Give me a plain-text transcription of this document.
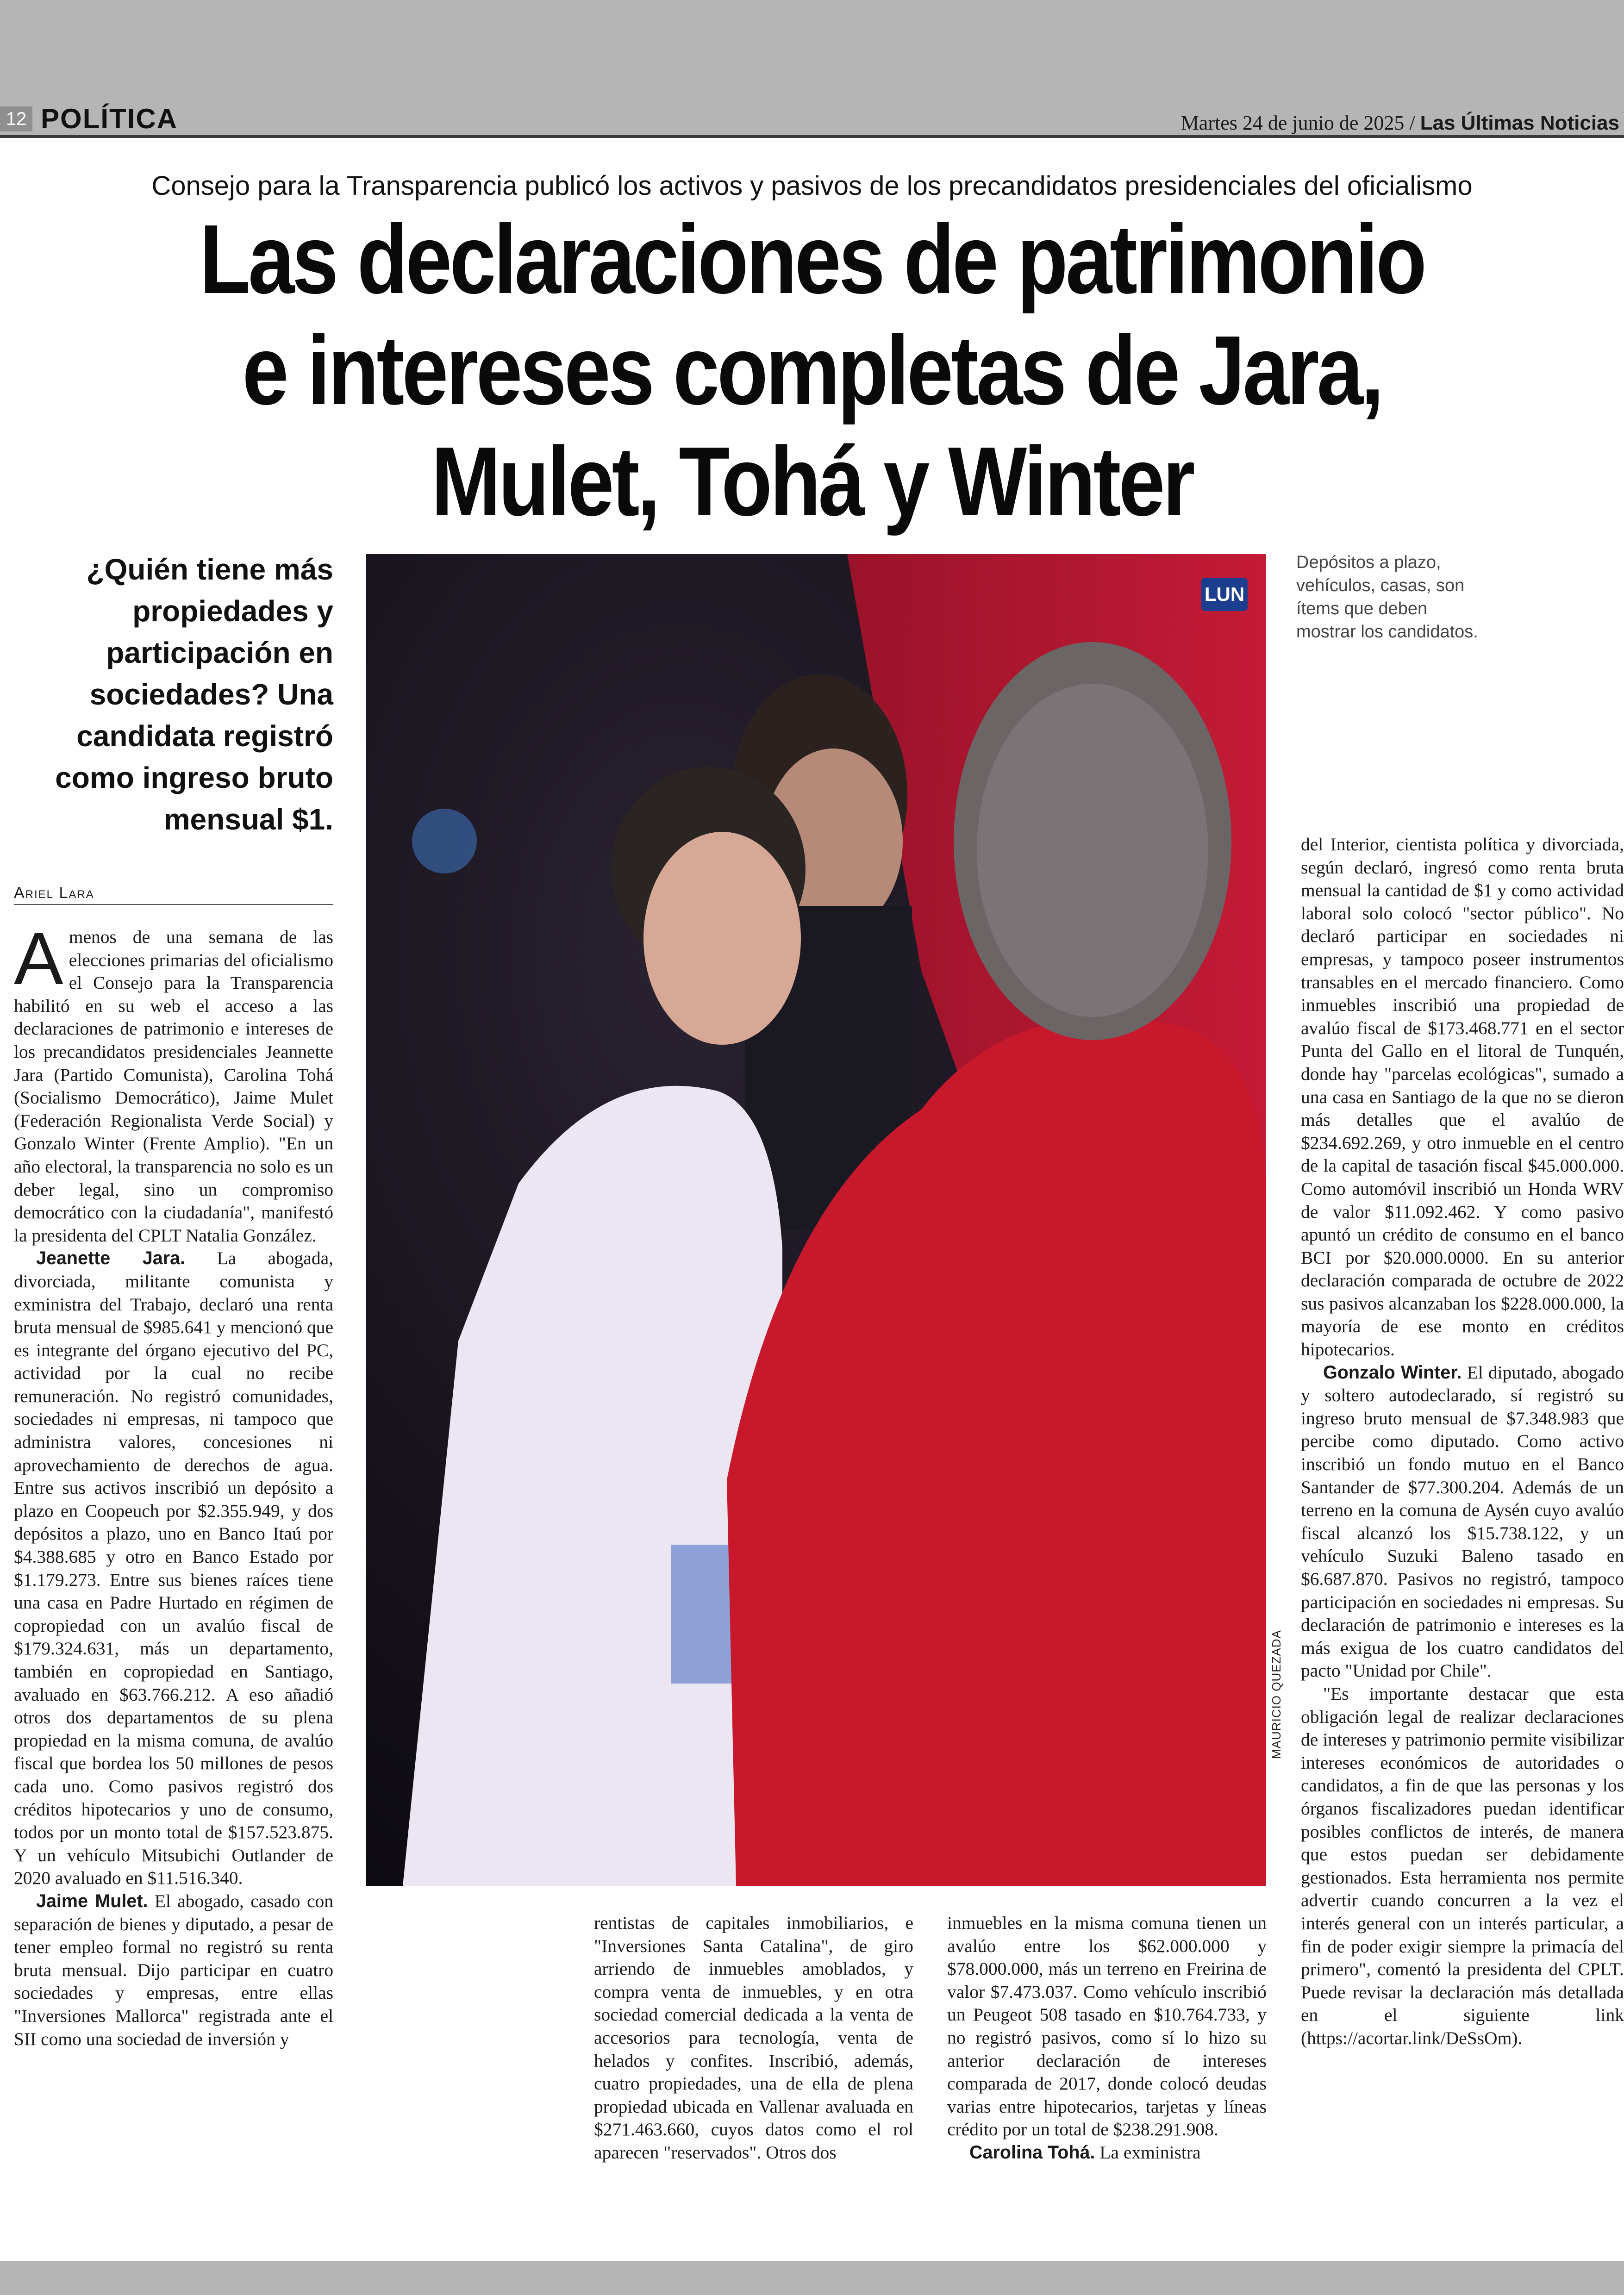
12 POLÍTICA	Martes 24 de junio de 2025 / Las Últimas Noticias
Consejo para la Transparencia publicó los activos y pasivos de los precandidatos presidenciales del oficialismo
Las declaraciones de patrimonio
e intereses completas de Jara,
Mulet, Tohá y Winter
¿Quién tiene más propiedades y participación en sociedades? Una candidata registró como ingreso bruto mensual $1.
Ariel Lara

Amenos de una semana de las elecciones primarias del oficialismo el Consejo para la Transparencia habilitó en su web el acceso a las declaraciones de patrimonio e intereses de los precandidatos presidenciales Jeannette Jara (Partido Comunista), Carolina Tohá (Socialismo Democrático), Jaime Mulet (Federación Regionalista Verde Social) y Gonzalo Winter (Frente Amplio). "En un año electoral, la transparencia no solo es un deber legal, sino un compromiso democrático con la ciudadanía", manifestó la presidenta del CPLT Natalia González.

Jeanette Jara. La abogada, divorciada, militante comunista y exministra del Trabajo, declaró una renta bruta mensual de $985.641 y mencionó que es integrante del órgano ejecutivo del PC, actividad por la cual no recibe remuneración. No registró comunidades, sociedades ni empresas, ni tampoco que administra valores, concesiones ni aprovechamiento de derechos de agua. Entre sus activos inscribió un depósito a plazo en Coopeuch por $2.355.949, y dos depósitos a plazo, uno en Banco Itaú por $4.388.685 y otro en Banco Estado por $1.179.273. Entre sus bienes raíces tiene una casa en Padre Hurtado en régimen de copropiedad con un avalúo fiscal de $179.324.631, más un departamento, también en copropiedad en Santiago, avaluado en $63.766.212. A eso añadió otros dos departamentos de su plena propiedad en la misma comuna, de avalúo fiscal que bordea los 50 millones de pesos cada uno. Como pasivos registró dos créditos hipotecarios y uno de consumo, todos por un monto total de $157.523.875. Y un vehículo Mitsubichi Outlander de 2020 avaluado en $11.516.340.

Jaime Mulet. El abogado, casado con separación de bienes y diputado, a pesar de tener empleo formal no registró su renta bruta mensual. Dijo participar en cuatro sociedades y empresas, entre ellas "Inversiones Mallorca" registrada ante el SII como una sociedad de inversión y

LUN
MAURICIO QUEZADA
Depósitos a plazo, vehículos, casas, son ítems que deben mostrar los candidatos.

rentistas de capitales inmobiliarios, e "Inversiones Santa Catalina", de giro arriendo de inmuebles amoblados, y compra venta de inmuebles, y en otra sociedad comercial dedicada a la venta de accesorios para tecnología, venta de helados y confites. Inscribió, además, cuatro propiedades, una de ella de plena propiedad ubicada en Vallenar avaluada en $271.463.660, cuyos datos como el rol aparecen "reservados". Otros dos

inmuebles en la misma comuna tienen un avalúo entre los $62.000.000 y $78.000.000, más un terreno en Freirina de valor $7.473.037. Como vehículo inscribió un Peugeot 508 tasado en $10.764.733, y no registró pasivos, como sí lo hizo su anterior declaración de intereses comparada de 2017, donde colocó deudas varias entre hipotecarios, tarjetas y líneas crédito por un total de $238.291.908.

Carolina Tohá. La exministra

del Interior, cientista política y divorciada, según declaró, ingresó como renta bruta mensual la cantidad de $1 y como actividad laboral solo colocó "sector público". No declaró participar en sociedades ni empresas, y tampoco poseer instrumentos transables en el mercado financiero. Como inmuebles inscribió una propiedad de avalúo fiscal de $173.468.771 en el sector Punta del Gallo en el litoral de Tunquén, donde hay "parcelas ecológicas", sumado a una casa en Santiago de la que no se dieron más detalles que el avalúo de $234.692.269, y otro inmueble en el centro de la capital de tasación fiscal $45.000.000. Como automóvil inscribió un Honda WRV de valor $11.092.462. Y como pasivo apuntó un crédito de consumo en el banco BCI por $20.000.0000. En su anterior declaración comparada de octubre de 2022 sus pasivos alcanzaban los $228.000.000, la mayoría de ese monto en créditos hipotecarios.

Gonzalo Winter. El diputado, abogado y soltero autodeclarado, sí registró su ingreso bruto mensual de $7.348.983 que percibe como diputado. Como activo inscribió un fondo mutuo en el Banco Santander de $77.300.204. Además de un terreno en la comuna de Aysén cuyo avalúo fiscal alcanzó los $15.738.122, y un vehículo Suzuki Baleno tasado en $6.687.870. Pasivos no registró, tampoco participación en sociedades ni empresas. Su declaración de patrimonio e intereses es la más exigua de los cuatro candidatos del pacto "Unidad por Chile".

"Es importante destacar que esta obligación legal de realizar declaraciones de intereses y patrimonio permite visibilizar intereses económicos de autoridades o candidatos, a fin de que las personas y los órganos fiscalizadores puedan identificar posibles conflictos de interés, de manera que estos puedan ser debidamente gestionados. Esta herramienta nos permite advertir cuando concurren a la vez el interés general con un interés particular, a fin de poder exigir siempre la primacía del primero", comentó la presidenta del CPLT. Puede revisar la declaración más detallada en el siguiente link (https://acortar.link/DeSsOm).
